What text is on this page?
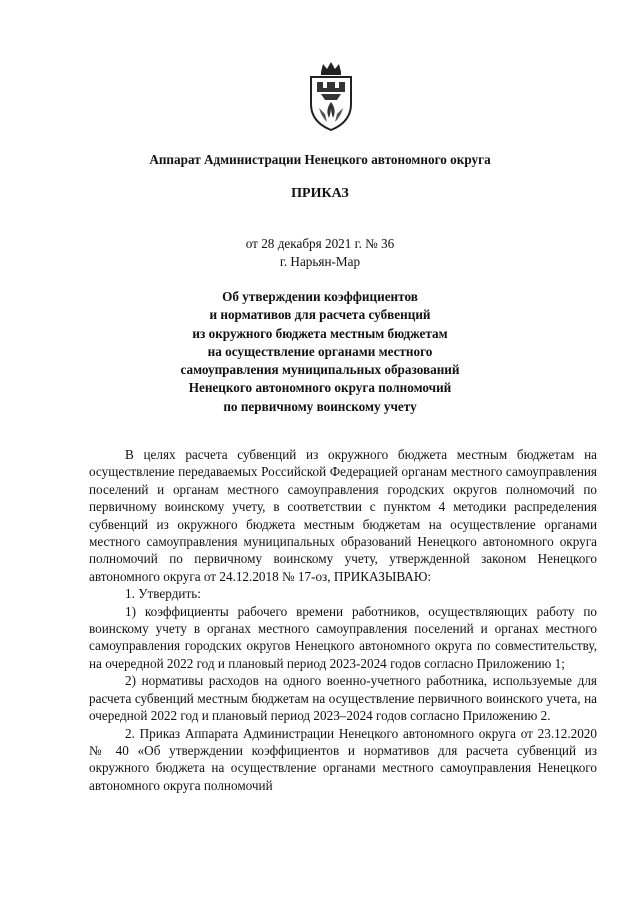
Аппарат Администрации Ненецкого автономного округа
ПРИКАЗ
от 28 декабря 2021 г. № 36
г. Нарьян-Мар
Об утверждении коэффициентов
и нормативов для расчета субвенций
из окружного бюджета местным бюджетам
на осуществление органами местного
самоуправления муниципальных образований
Ненецкого автономного округа полномочий
по первичному воинскому учету

В целях расчета субвенций из окружного бюджета местным бюджетам на осуществление передаваемых Российской Федерацией органам местного самоуправления поселений и органам местного самоуправления городских округов полномочий по первичному воинскому учету, в соответствии с пунктом 4 методики распределения субвенций из окружного бюджета местным бюджетам на осуществление органами местного самоуправления муниципальных образований Ненецкого автономного округа полномочий по первичному воинскому учету, утвержденной законом Ненецкого автономного округа от 24.12.2018 № 17-оз, ПРИКАЗЫВАЮ:

1. Утвердить:

1) коэффициенты рабочего времени работников, осуществляющих работу по воинскому учету в органах местного самоуправления поселений и органах местного самоуправления городских округов Ненецкого автономного округа по совместительству, на очередной 2022 год и плановый период 2023-2024 годов согласно Приложению 1;

2) нормативы расходов на одного военно-учетного работника, используемые для расчета субвенций местным бюджетам на осуществление первичного воинского учета, на очередной 2022 год и плановый период 2023–2024 годов согласно Приложению 2.

2. Приказ Аппарата Администрации Ненецкого автономного округа от 23.12.2020 № 40 «Об утверждении коэффициентов и нормативов для расчета субвенций из окружного бюджета на осуществление органами местного самоуправления Ненецкого автономного округа полномочий
